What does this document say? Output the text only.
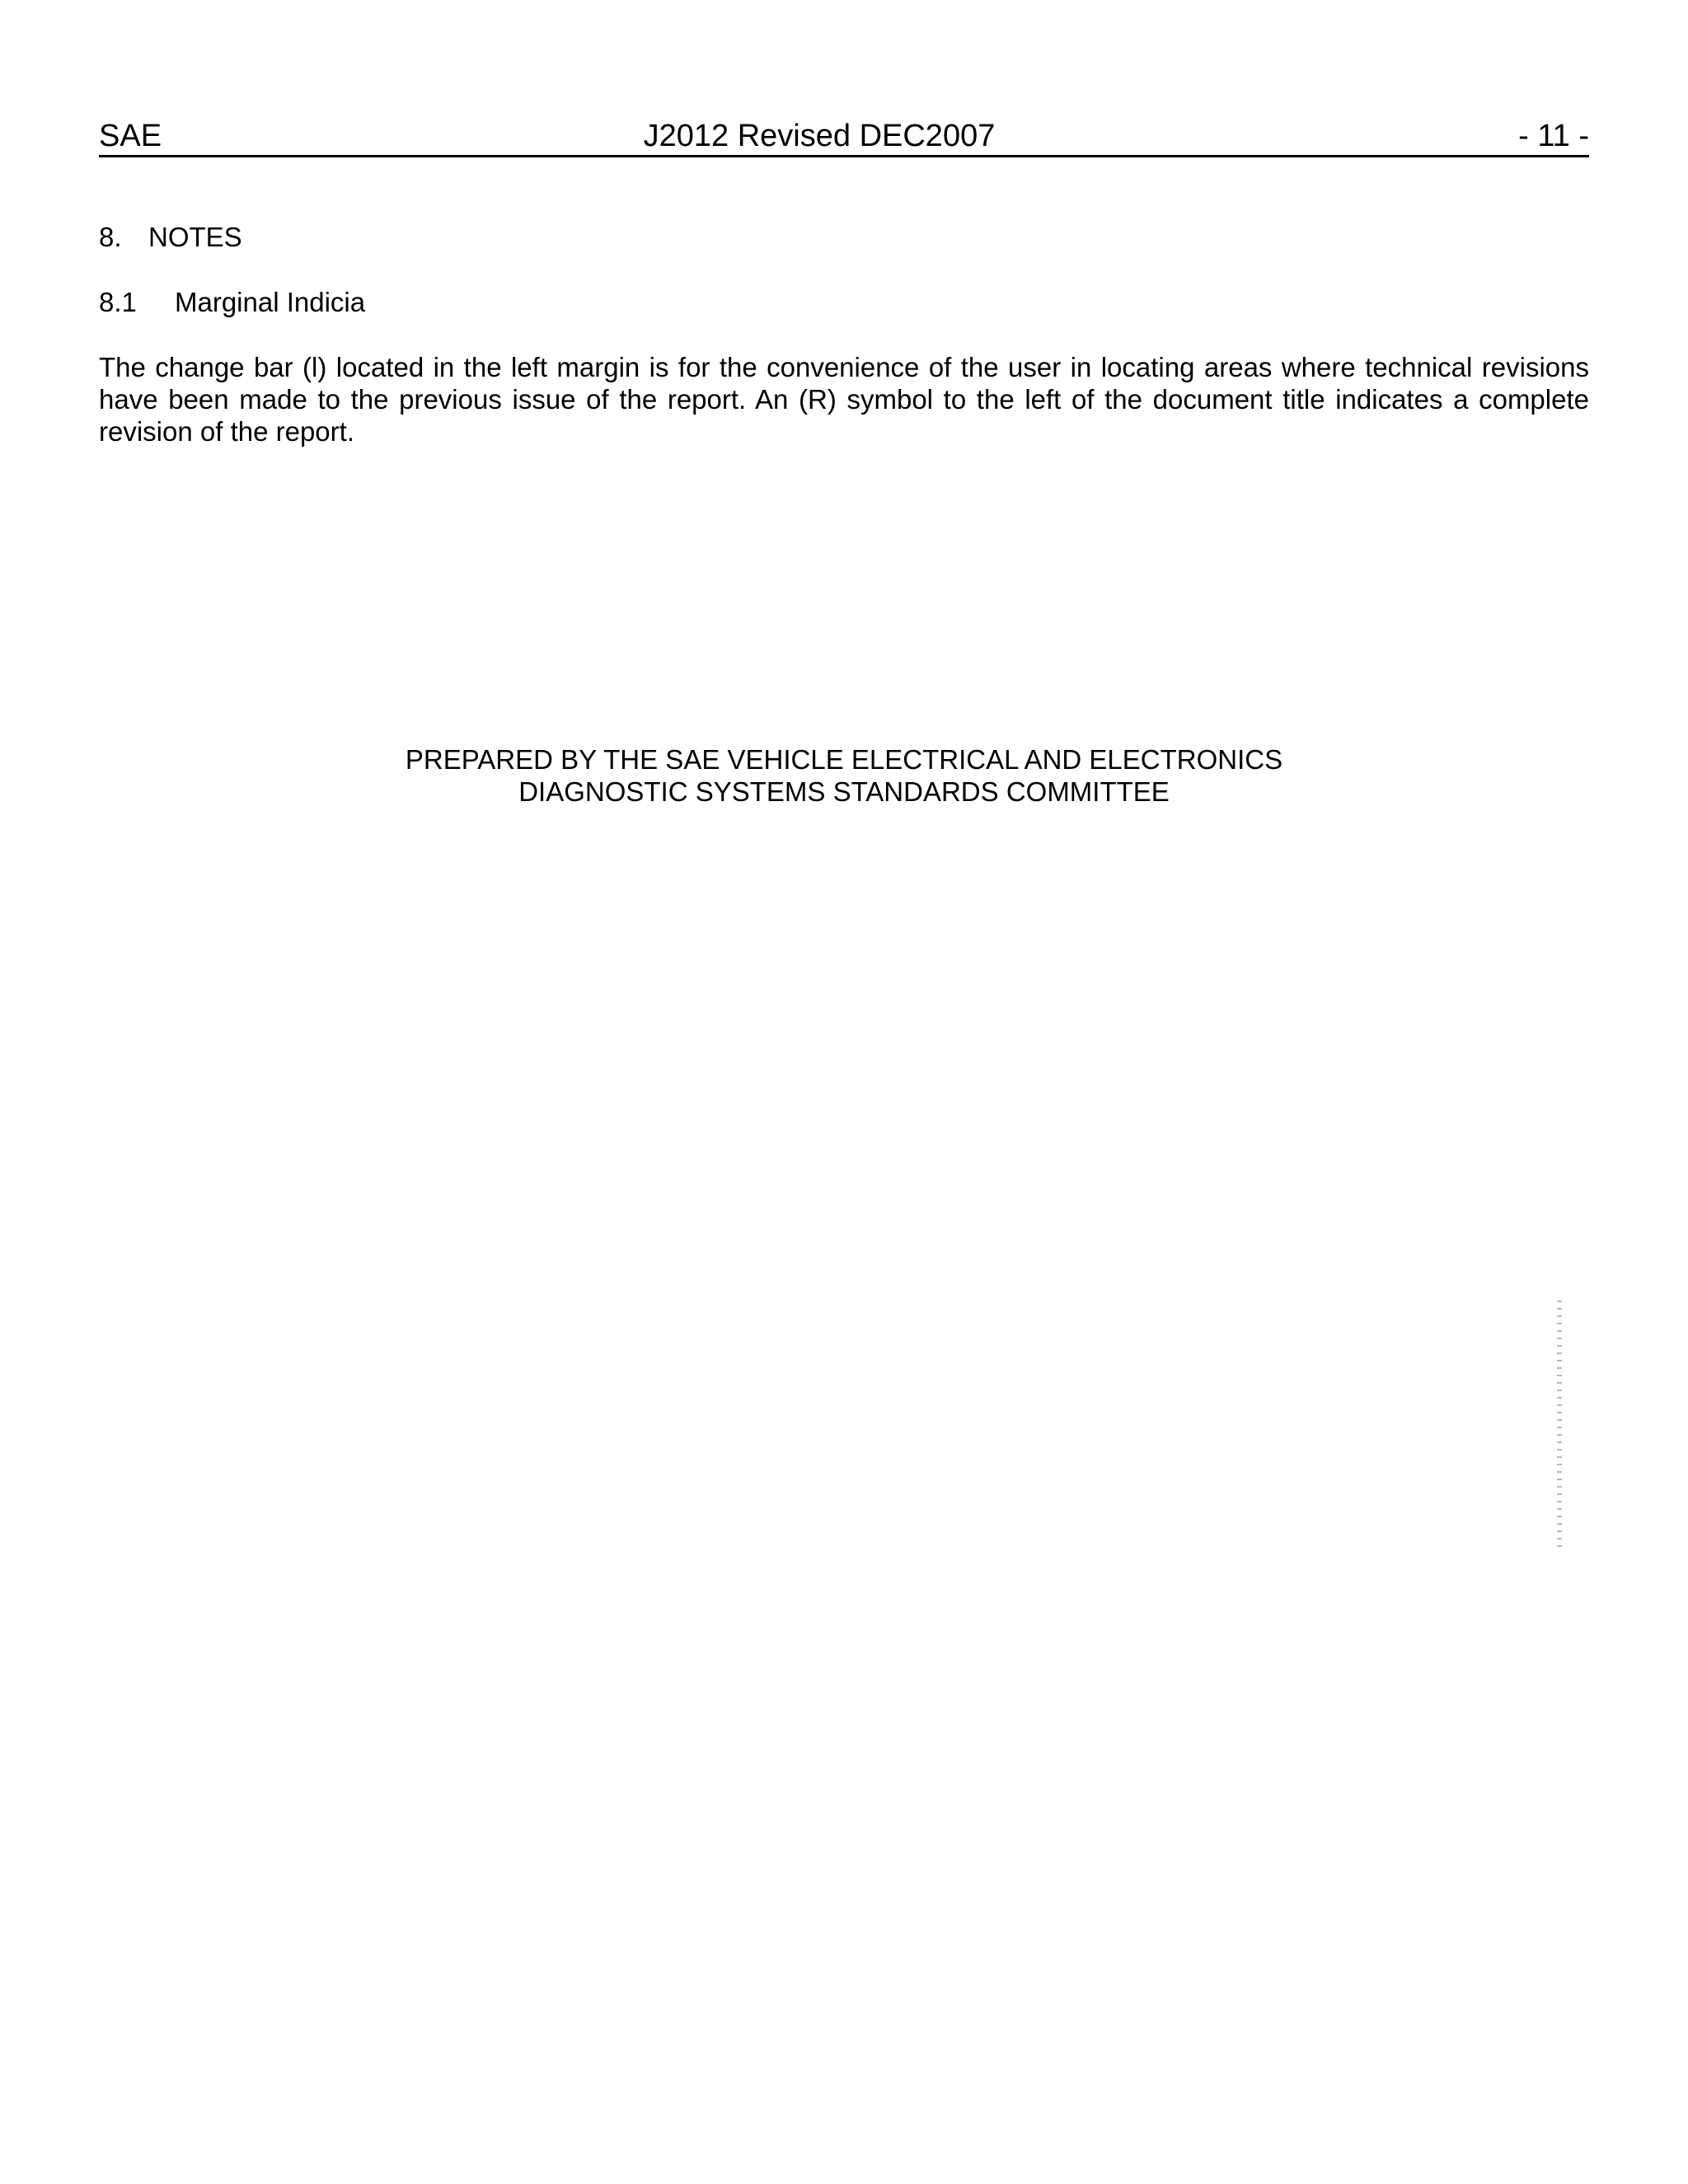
SAE	J2012 Revised DEC2007	- 11 -
8. NOTES
8.1 Marginal Indicia

The change bar (l) located in the left margin is for the convenience of the user in locating areas where technical revisions have been made to the previous issue of the report. An (R) symbol to the left of the document title indicates a complete revision of the report.

PREPARED BY THE SAE VEHICLE ELECTRICAL AND ELECTRONICS
DIAGNOSTIC SYSTEMS STANDARDS COMMITTEE
